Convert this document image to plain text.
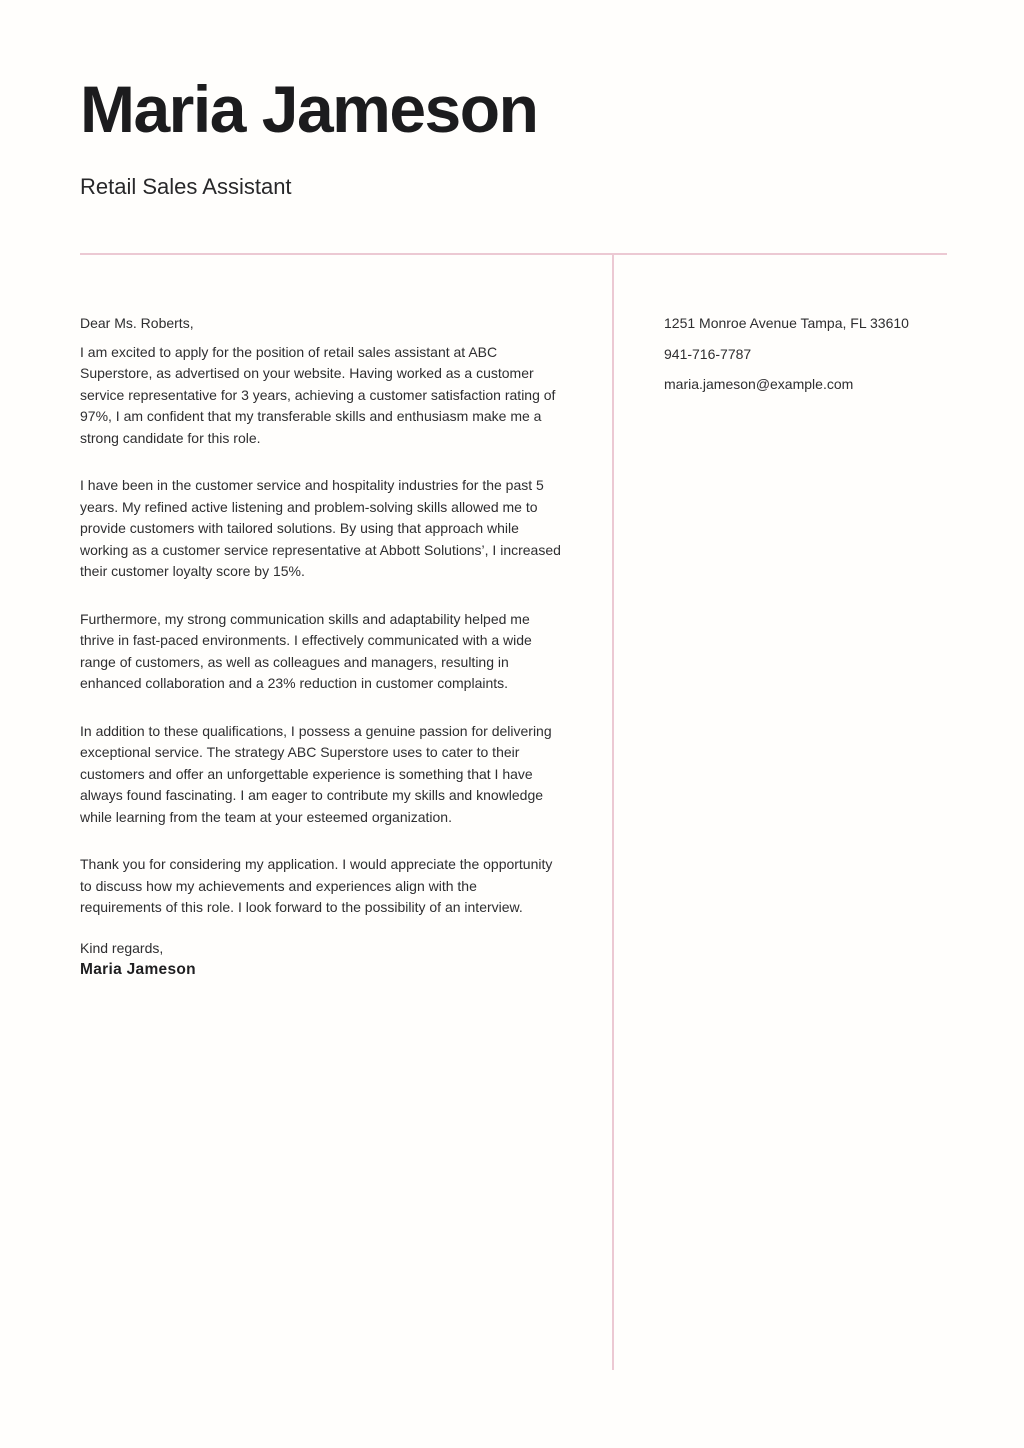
Maria Jameson
Retail Sales Assistant

Dear Ms. Roberts,

I am excited to apply for the position of retail sales assistant at ABC Superstore, as advertised on your website. Having worked as a customer service representative for 3 years, achieving a customer satisfaction rating of 97%, I am confident that my transferable skills and enthusiasm make me a strong candidate for this role.

I have been in the customer service and hospitality industries for the past 5 years. My refined active listening and problem-solving skills allowed me to provide customers with tailored solutions. By using that approach while working as a customer service representative at Abbott Solutions’, I increased their customer loyalty score by 15%.

Furthermore, my strong communication skills and adaptability helped me thrive in fast-paced environments. I effectively communicated with a wide range of customers, as well as colleagues and managers, resulting in enhanced collaboration and a 23% reduction in customer complaints.

In addition to these qualifications, I possess a genuine passion for delivering exceptional service. The strategy ABC Superstore uses to cater to their customers and offer an unforgettable experience is something that I have always found fascinating. I am eager to contribute my skills and knowledge while learning from the team at your esteemed organization.

Thank you for considering my application. I would appreciate the opportunity to discuss how my achievements and experiences align with the requirements of this role. I look forward to the possibility of an interview.

Kind regards,

Maria Jameson

1251 Monroe Avenue Tampa, FL 33610
941-716-7787
maria.jameson@example.com
